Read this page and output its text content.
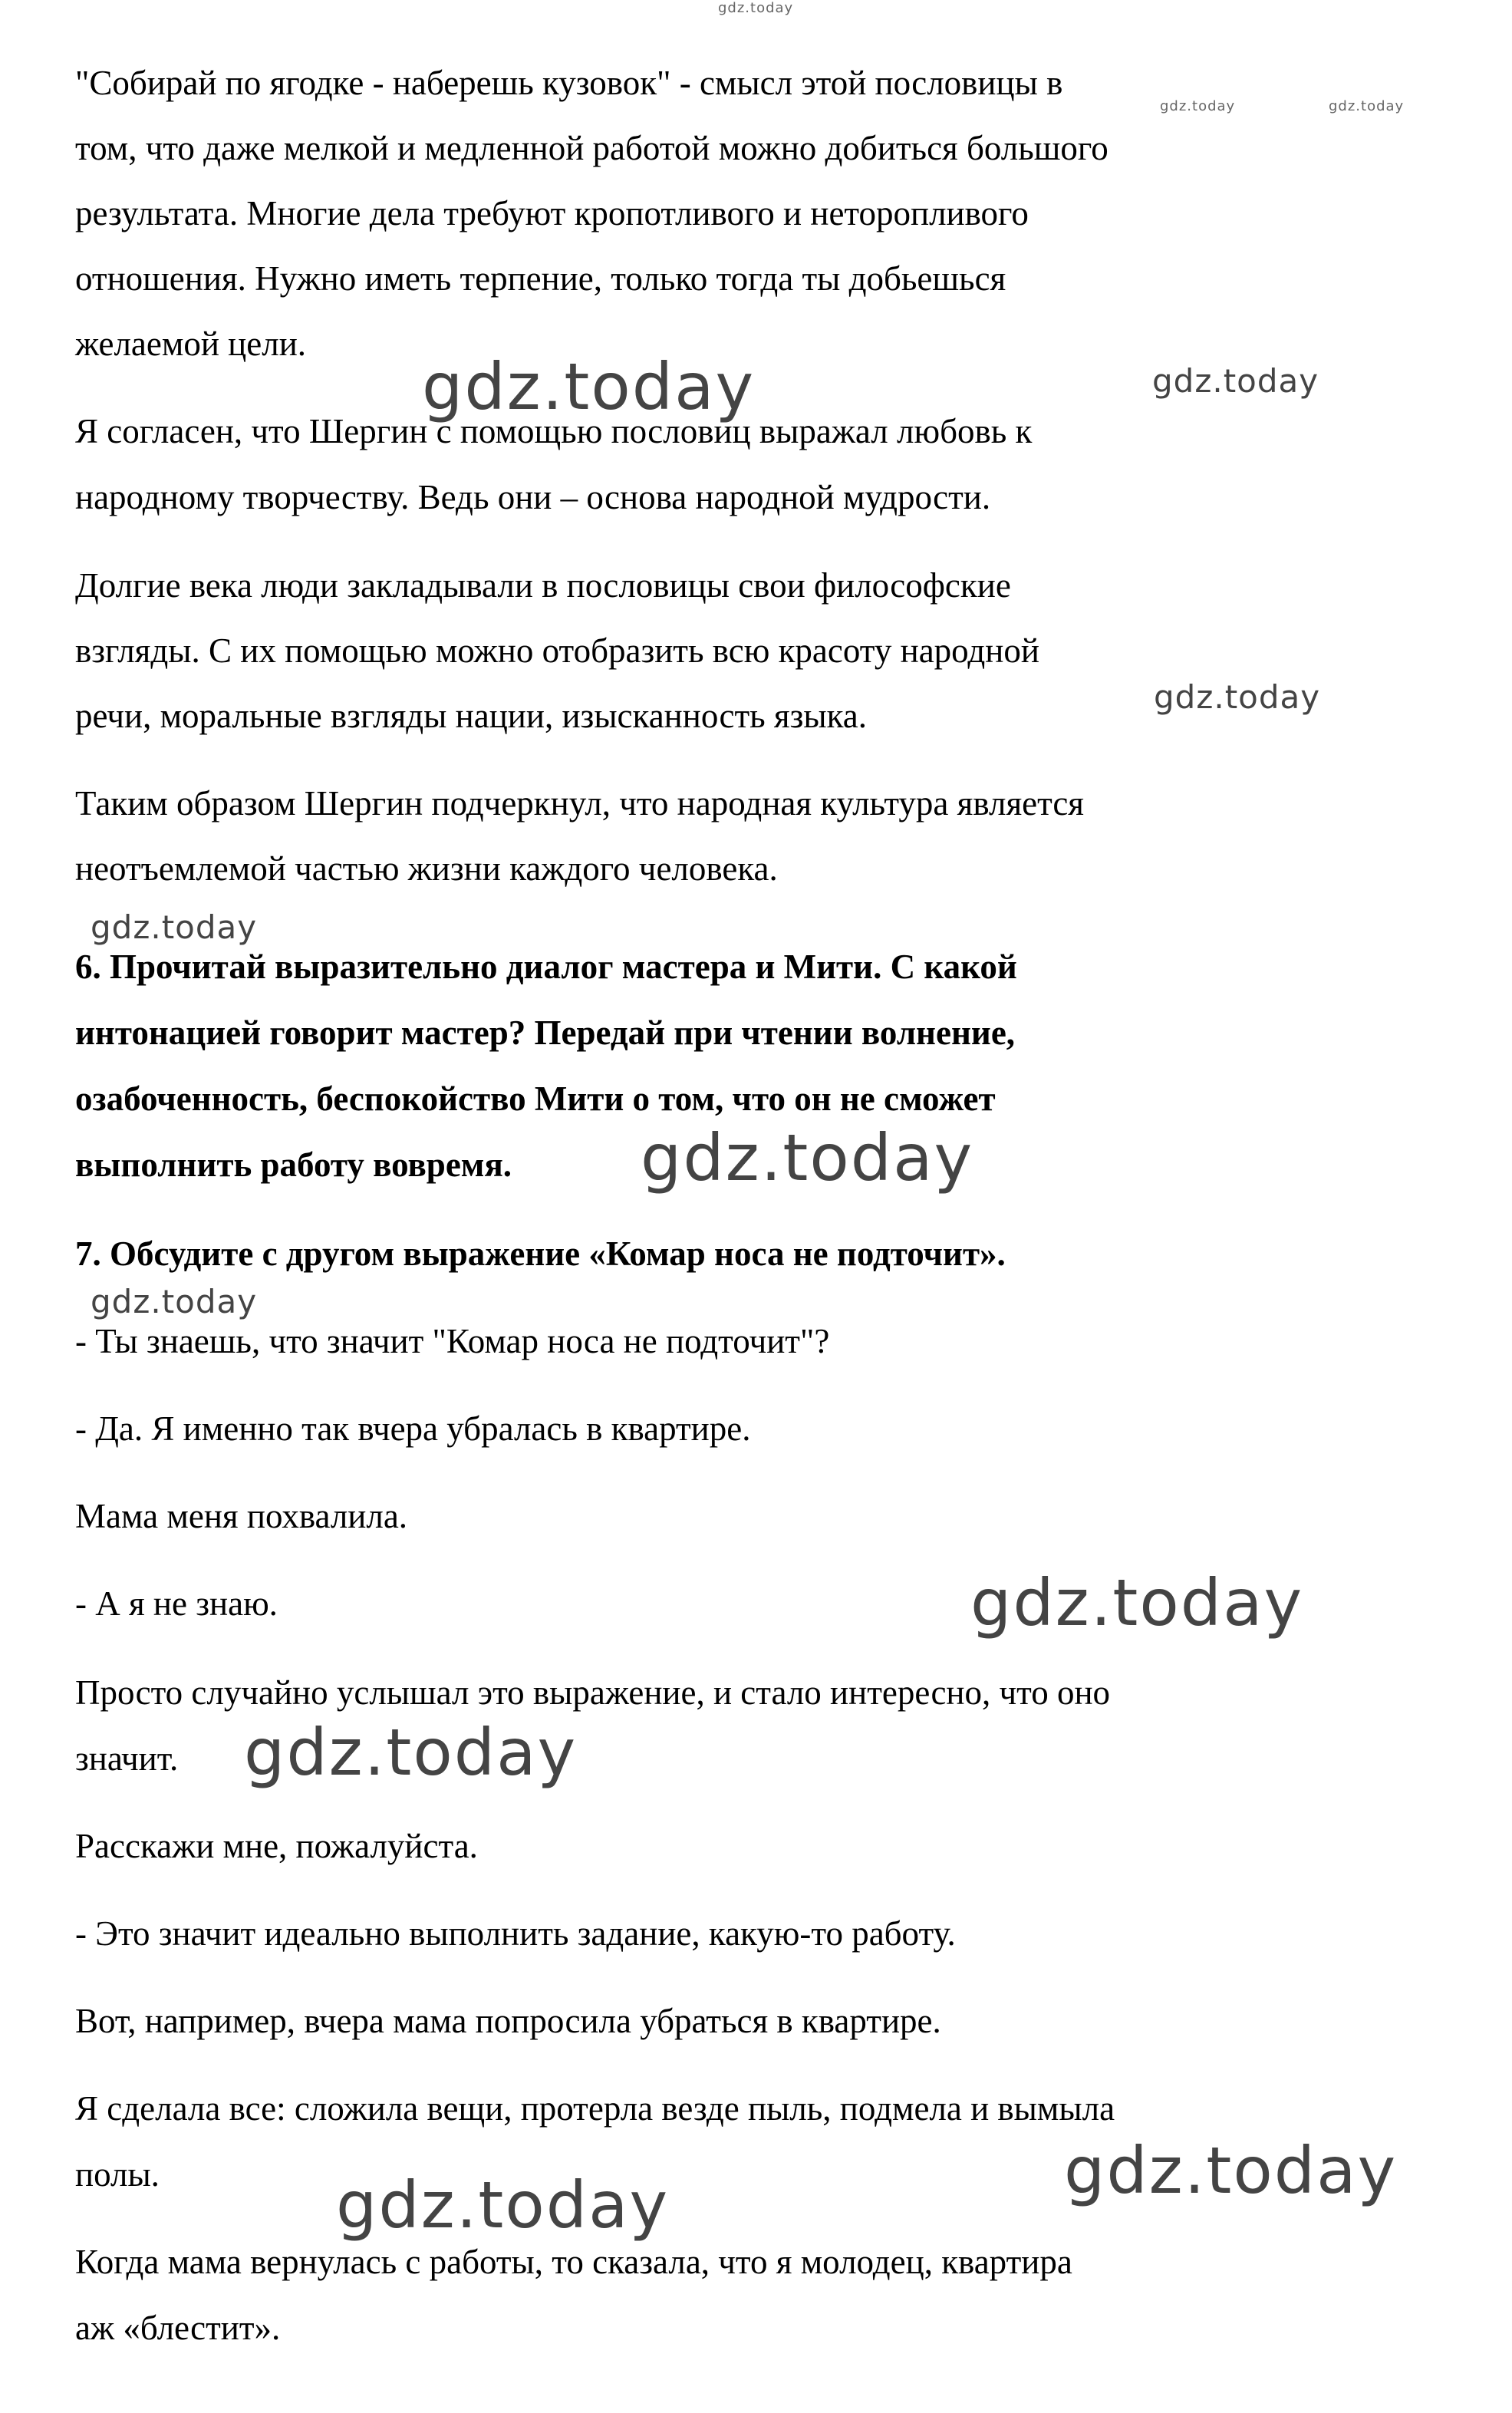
gdz.today
gdz.today	gdz.today
gdz.today	gdz.today
gdz.today
gdz.today
gdz.today
gdz.today
gdz.today
gdz.today
gdz.today
gdz.today
"Собирай по ягодке - наберешь кузовок" - смысл этой пословицы в
том, что даже мелкой и медленной работой можно добиться большого
результата. Многие дела требуют кропотливого и неторопливого
отношения. Нужно иметь терпение, только тогда ты добьешься
желаемой цели.
Я согласен, что Шергин с помощью пословиц выражал любовь к
народному творчеству. Ведь они – основа народной мудрости.
Долгие века люди закладывали в пословицы свои философские
взгляды. С их помощью можно отобразить всю красоту народной
речи, моральные взгляды нации, изысканность языка.
Таким образом Шергин подчеркнул, что народная культура является
неотъемлемой частью жизни каждого человека.
6. Прочитай выразительно диалог мастера и Мити. С какой
интонацией говорит мастер? Передай при чтении волнение,
озабоченность, беспокойство Мити о том, что он не сможет
выполнить работу вовремя.
7. Обсудите с другом выражение «Комар носа не подточит».
- Ты знаешь, что значит "Комар носа не подточит"?
- Да. Я именно так вчера убралась в квартире.
Мама меня похвалила.
- А я не знаю.
Просто случайно услышал это выражение, и стало интересно, что оно
значит.
Расскажи мне, пожалуйста.
- Это значит идеально выполнить задание, какую-то работу.
Вот, например, вчера мама попросила убраться в квартире.
Я сделала все: сложила вещи, протерла везде пыль, подмела и вымыла
полы.
Когда мама вернулась с работы, то сказала, что я молодец, квартира
аж «блестит».
